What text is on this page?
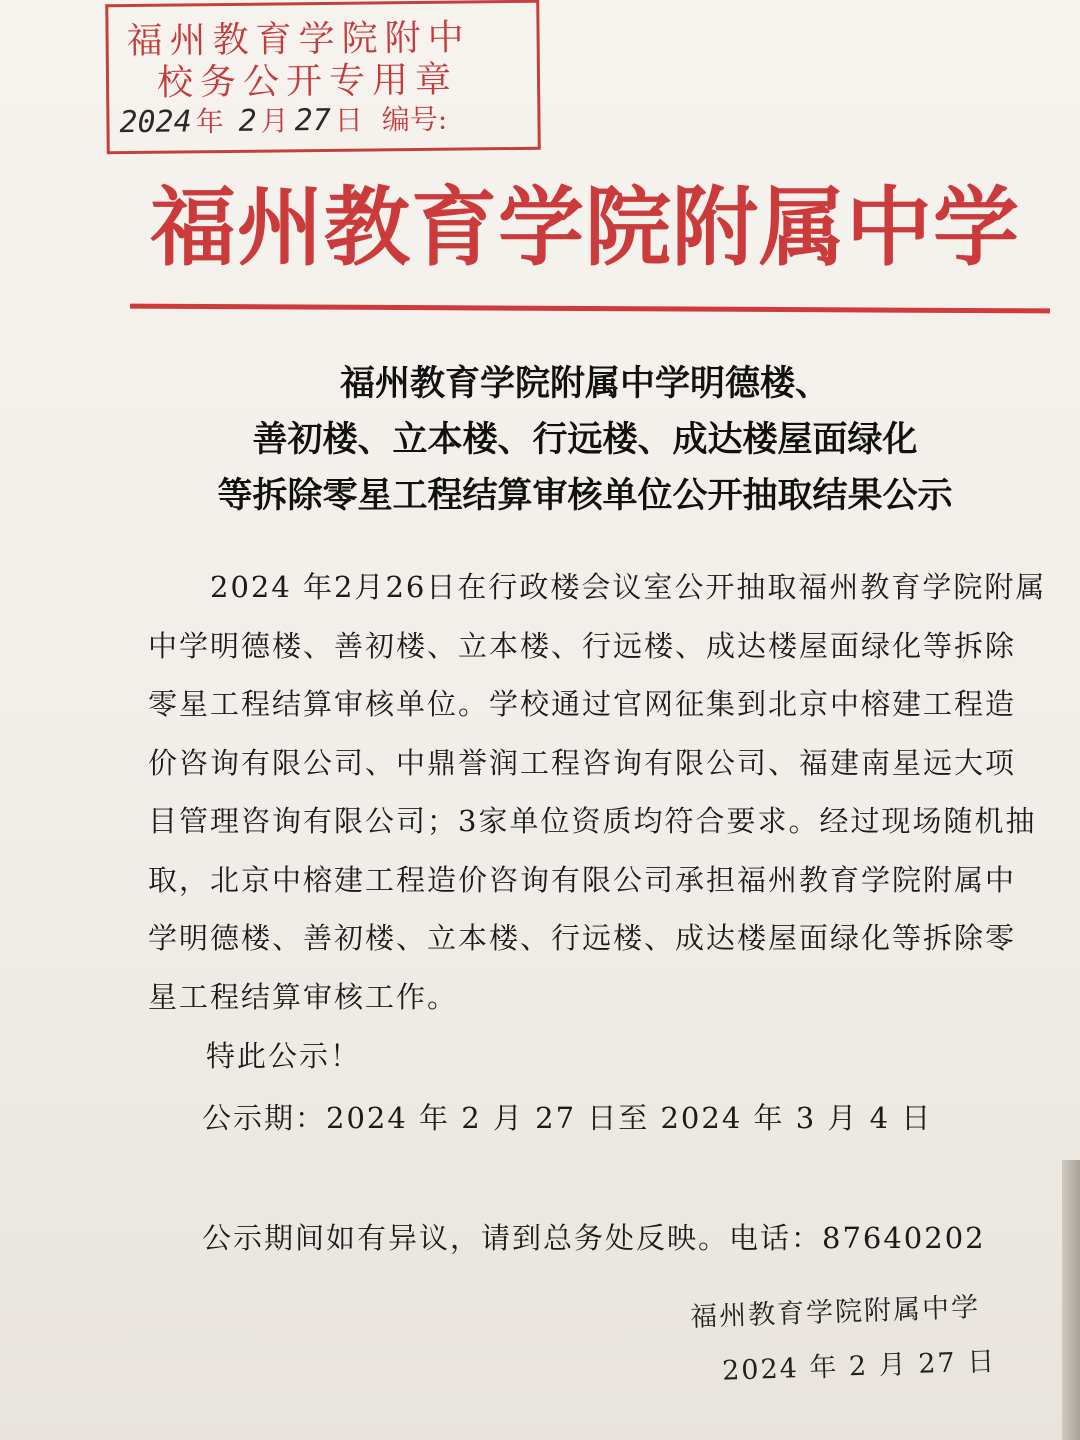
福州教育学院附中
校务公开专用章
2024 年 2 月 27 日 编号:
福州教育学院附属中学
福州教育学院附属中学明德楼、
善初楼、立本楼、行远楼、成达楼屋面绿化
等拆除零星工程结算审核单位公开抽取结果公示
2024 年2月26日在行政楼会议室公开抽取福州教育学院附属
中学明德楼、善初楼、立本楼、行远楼、成达楼屋面绿化等拆除
零星工程结算审核单位。学校通过官网征集到北京中榕建工程造
价咨询有限公司、中鼎誉润工程咨询有限公司、福建南星远大项
目管理咨询有限公司；3家单位资质均符合要求。经过现场随机抽
取，北京中榕建工程造价咨询有限公司承担福州教育学院附属中
学明德楼、善初楼、立本楼、行远楼、成达楼屋面绿化等拆除零
星工程结算审核工作。
特此公示！
公示期：2024 年 2 月 27 日至 2024 年 3 月 4 日
公示期间如有异议，请到总务处反映。电话：87640202
福州教育学院附属中学
2024 年 2 月 27 日
